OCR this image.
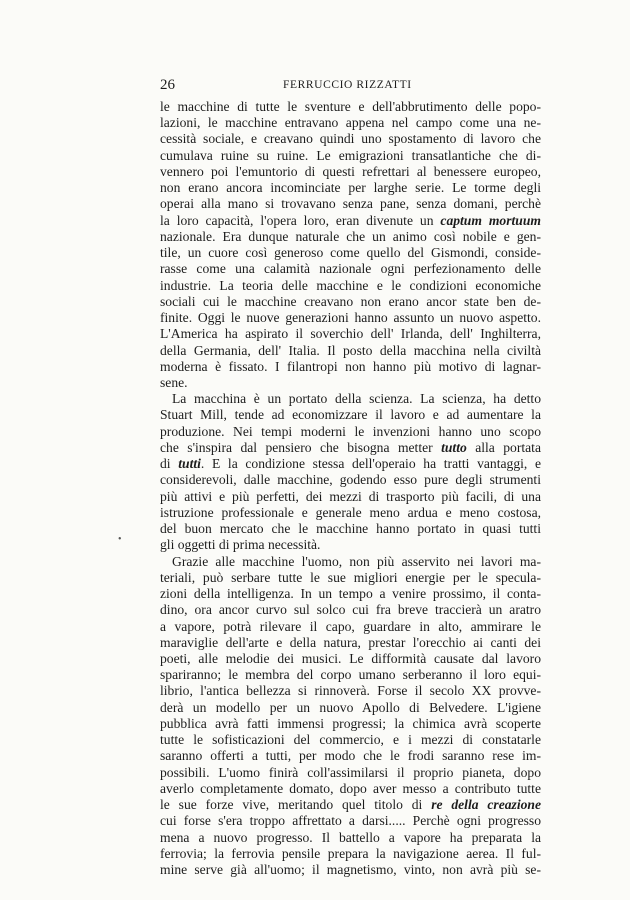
26	FERRUCCIO RIZZATTI
•
le macchine di tutte le sventure e dell'abbrutimento delle popo-
lazioni, le macchine entravano appena nel campo come una ne-
cessità sociale, e creavano quindi uno spostamento di lavoro che
cumulava ruine su ruine. Le emigrazioni transatlantiche che di-
vennero poi l'emuntorio di questi refrettari al benessere europeo,
non erano ancora incominciate per larghe serie. Le torme degli
operai alla mano si trovavano senza pane, senza domani, perchè
la loro capacità, l'opera loro, eran divenute un captum mortuum
nazionale. Era dunque naturale che un animo così nobile e gen-
tile, un cuore così generoso come quello del Gismondi, conside-
rasse come una calamità nazionale ogni perfezionamento delle
industrie. La teoria delle macchine e le condizioni economiche
sociali cui le macchine creavano non erano ancor state ben de-
finite. Oggi le nuove generazioni hanno assunto un nuovo aspetto.
L'America ha aspirato il soverchio dell' Irlanda, dell' Inghilterra,
della Germania, dell' Italia. Il posto della macchina nella civiltà
moderna è fissato. I filantropi non hanno più motivo di lagnar-
sene.
La macchina è un portato della scienza. La scienza, ha detto
Stuart Mill, tende ad economizzare il lavoro e ad aumentare la
produzione. Nei tempi moderni le invenzioni hanno uno scopo
che s'inspira dal pensiero che bisogna metter tutto alla portata
di tutti. E la condizione stessa dell'operaio ha tratti vantaggi, e
considerevoli, dalle macchine, godendo esso pure degli strumenti
più attivi e più perfetti, dei mezzi di trasporto più facili, di una
istruzione professionale e generale meno ardua e meno costosa,
del buon mercato che le macchine hanno portato in quasi tutti
gli oggetti di prima necessità.
Grazie alle macchine l'uomo, non più asservito nei lavori ma-
teriali, può serbare tutte le sue migliori energie per le specula-
zioni della intelligenza. In un tempo a venire prossimo, il conta-
dino, ora ancor curvo sul solco cui fra breve traccierà un aratro
a vapore, potrà rilevare il capo, guardare in alto, ammirare le
maraviglie dell'arte e della natura, prestar l'orecchio ai canti dei
poeti, alle melodie dei musici. Le difformità causate dal lavoro
spariranno; le membra del corpo umano serberanno il loro equi-
librio, l'antica bellezza si rinnoverà. Forse il secolo XX provve-
derà un modello per un nuovo Apollo di Belvedere. L'igiene
pubblica avrà fatti immensi progressi; la chimica avrà scoperte
tutte le sofisticazioni del commercio, e i mezzi di constatarle
saranno offerti a tutti, per modo che le frodi saranno rese im-
possibili. L'uomo finirà coll'assimilarsi il proprio pianeta, dopo
averlo completamente domato, dopo aver messo a contributo tutte
le sue forze vive, meritando quel titolo di re della creazione
cui forse s'era troppo affrettato a darsi..... Perchè ogni progresso
mena a nuovo progresso. Il battello a vapore ha preparata la
ferrovia; la ferrovia pensile prepara la navigazione aerea. Il ful-
mine serve già all'uomo; il magnetismo, vinto, non avrà più se-
